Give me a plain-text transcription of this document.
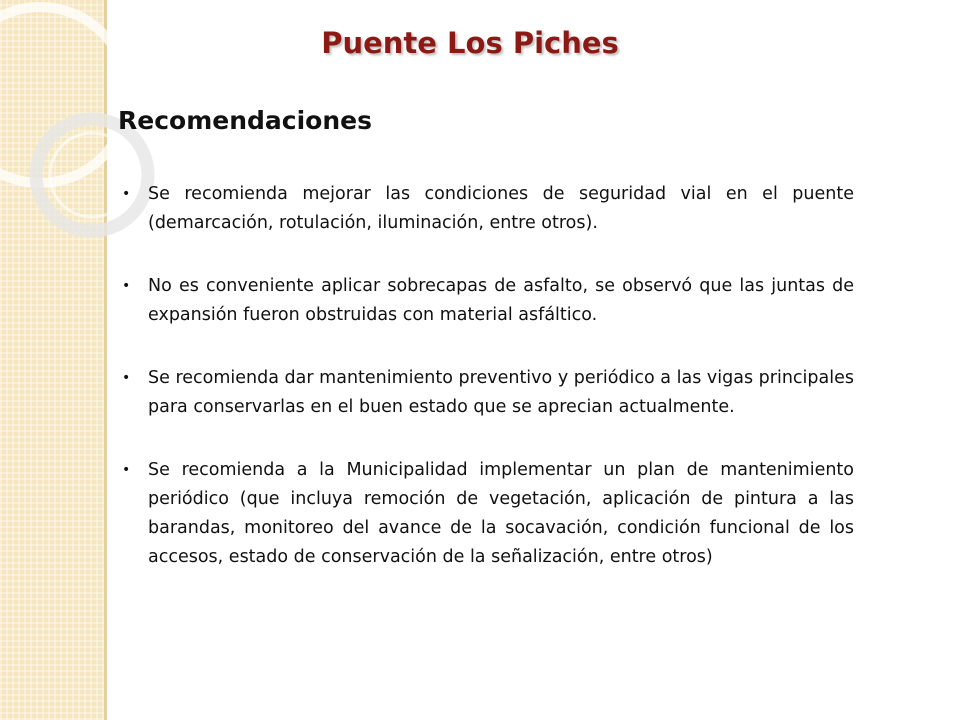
Puente Los Piches
Recomendaciones
• Se recomienda mejorar las condiciones de seguridad vial en el puente (demarcación, rotulación, iluminación, entre otros).
• No es conveniente aplicar sobrecapas de asfalto, se observó que las juntas de expansión fueron obstruidas con material asfáltico.
• Se recomienda dar mantenimiento preventivo y periódico a las vigas principales para conservarlas en el buen estado que se aprecian actualmente.
• Se recomienda a la Municipalidad implementar un plan de mantenimiento periódico (que incluya remoción de vegetación, aplicación de pintura a las barandas, monitoreo del avance de la socavación, condición funcional de los accesos, estado de conservación de la señalización, entre otros)
